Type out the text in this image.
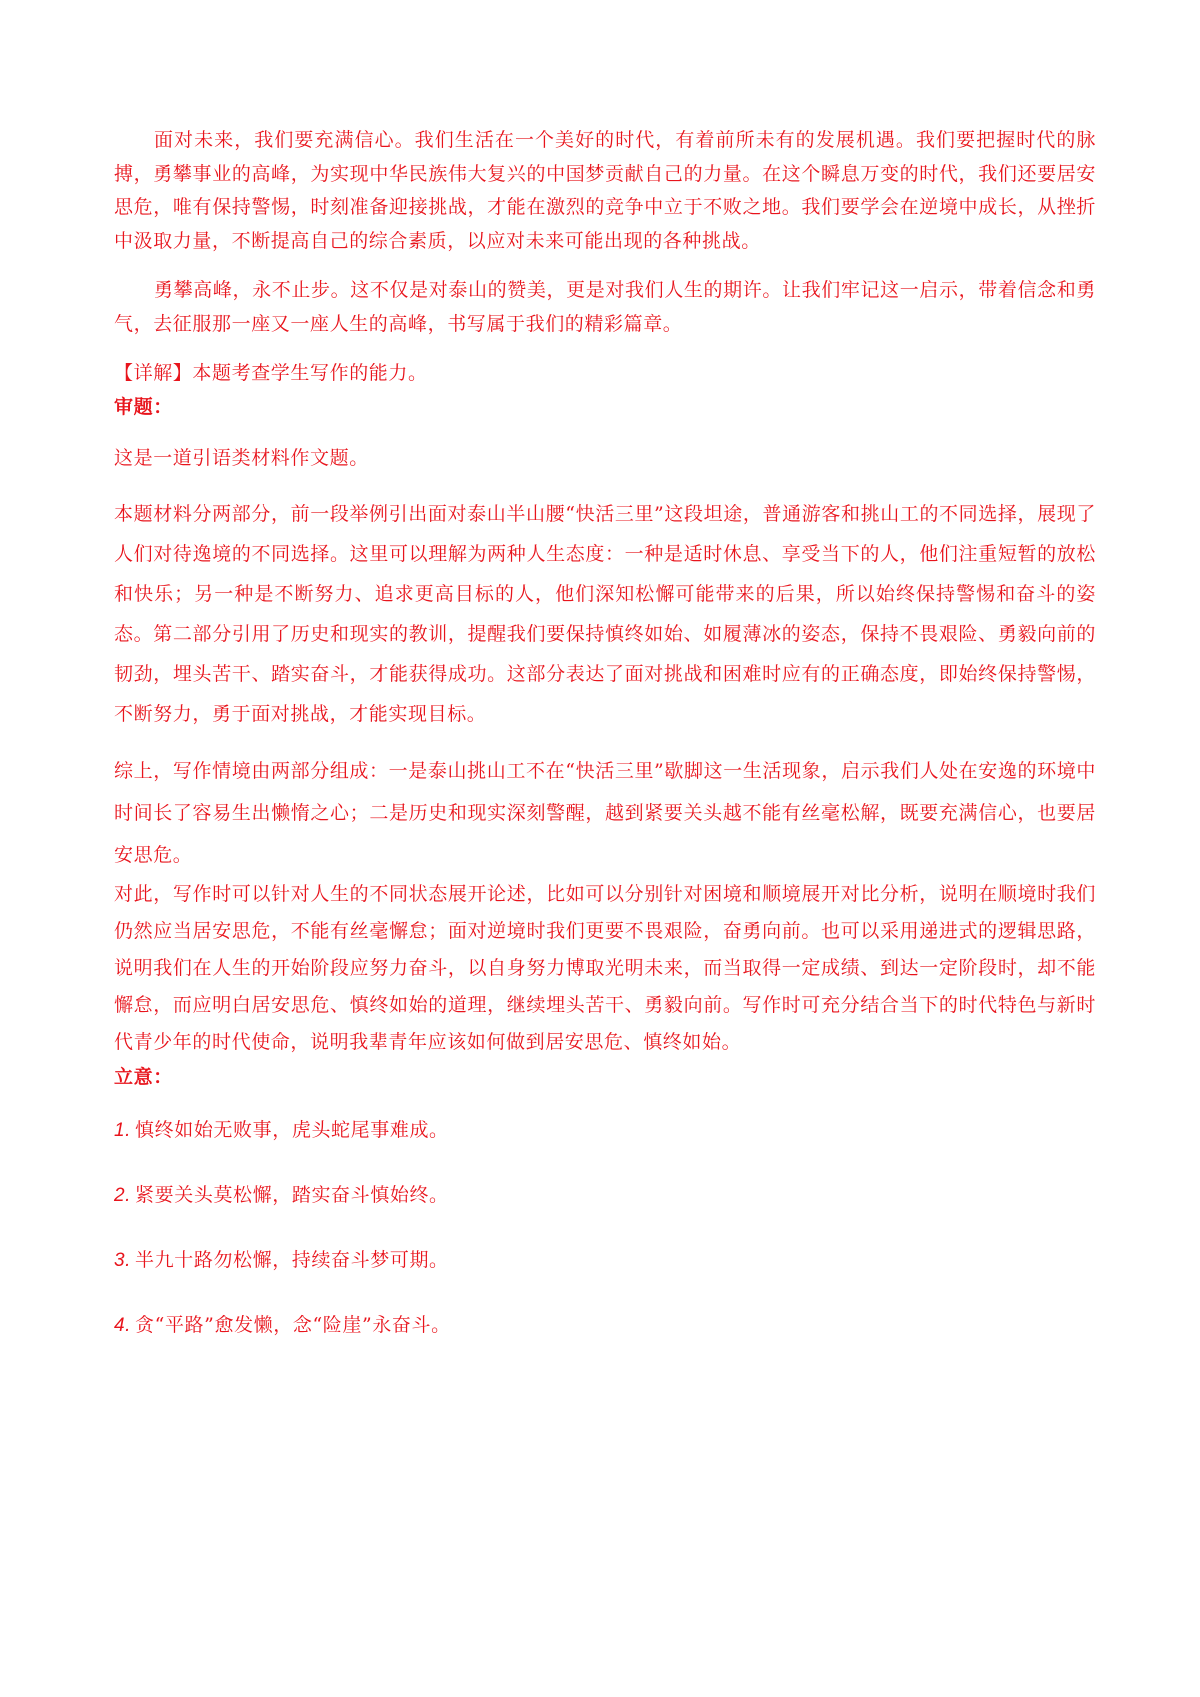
面对未来，我们要充满信心。我们生活在一个美好的时代，有着前所未有的发展机遇。我们要把握时代的脉搏，勇攀事业的高峰，为实现中华民族伟大复兴的中国梦贡献自己的力量。在这个瞬息万变的时代，我们还要居安思危，唯有保持警惕，时刻准备迎接挑战，才能在激烈的竞争中立于不败之地。我们要学会在逆境中成长，从挫折中汲取力量，不断提高自己的综合素质，以应对未来可能出现的各种挑战。

勇攀高峰，永不止步。这不仅是对泰山的赞美，更是对我们人生的期许。让我们牢记这一启示，带着信念和勇气，去征服那一座又一座人生的高峰，书写属于我们的精彩篇章。

【详解】本题考查学生写作的能力。

审题：

这是一道引语类材料作文题。

本题材料分两部分，前一段举例引出面对泰山半山腰“快活三里”这段坦途，普通游客和挑山工的不同选择，展现了人们对待逸境的不同选择。这里可以理解为两种人生态度：一种是适时休息、享受当下的人，他们注重短暂的放松和快乐；另一种是不断努力、追求更高目标的人，他们深知松懈可能带来的后果，所以始终保持警惕和奋斗的姿态。第二部分引用了历史和现实的教训，提醒我们要保持慎终如始、如履薄冰的姿态，保持不畏艰险、勇毅向前的韧劲，埋头苦干、踏实奋斗，才能获得成功。这部分表达了面对挑战和困难时应有的正确态度，即始终保持警惕，不断努力，勇于面对挑战，才能实现目标。

综上，写作情境由两部分组成：一是泰山挑山工不在“快活三里”歇脚这一生活现象，启示我们人处在安逸的环境中时间长了容易生出懒惰之心；二是历史和现实深刻警醒，越到紧要关头越不能有丝毫松解，既要充满信心，也要居安思危。

对此，写作时可以针对人生的不同状态展开论述，比如可以分别针对困境和顺境展开对比分析，说明在顺境时我们仍然应当居安思危，不能有丝毫懈怠；面对逆境时我们更要不畏艰险，奋勇向前。也可以采用递进式的逻辑思路，说明我们在人生的开始阶段应努力奋斗，以自身努力博取光明未来，而当取得一定成绩、到达一定阶段时，却不能懈怠，而应明白居安思危、慎终如始的道理，继续埋头苦干、勇毅向前。写作时可充分结合当下的时代特色与新时代青少年的时代使命，说明我辈青年应该如何做到居安思危、慎终如始。

立意：

1. 慎终如始无败事，虎头蛇尾事难成。

2. 紧要关头莫松懈，踏实奋斗慎始终。

3. 半九十路勿松懈，持续奋斗梦可期。

4. 贪“平路”愈发懒，念“险崖”永奋斗。
